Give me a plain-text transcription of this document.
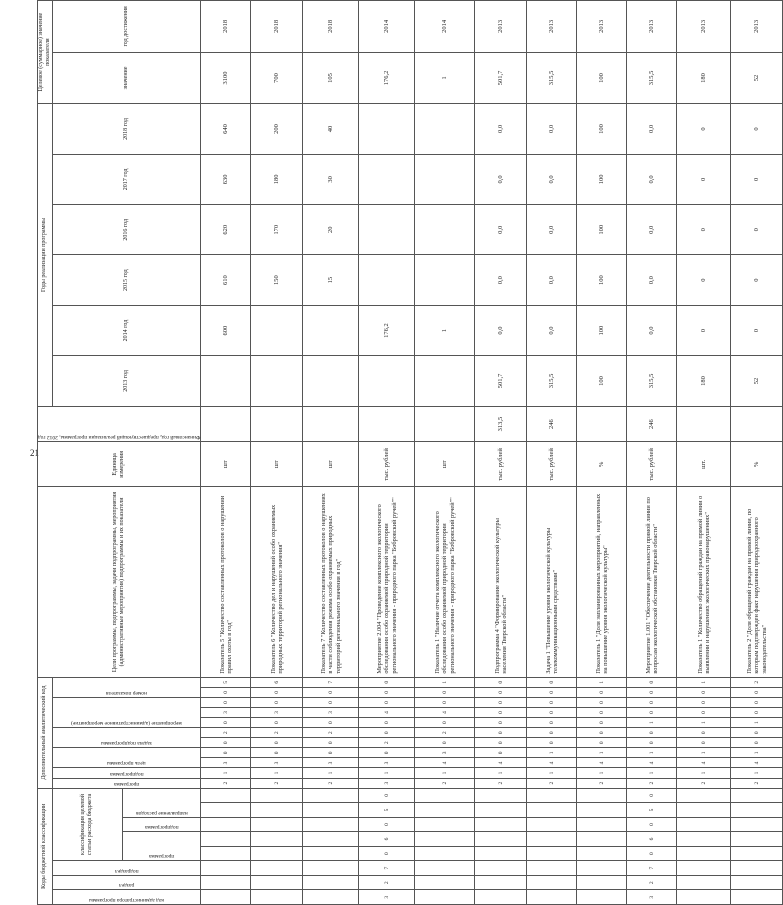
21
Коды бюджетной классификации								Дополнительный аналитический код											Цели программы, подпрограммы, задачи подпрограммы, мероприятия (административные мероприятия) подпрограммы и их показатели	Единица измерения	Финансовый год, предшествующий реализации программы, 2012 год	Годы реализации программы						Целевое (суммарное) значение показателя	

код администратора программы	раздел	подраздел	классификация целевой статьи расхода бюджета					программа	подпрограмма	цель программы		задача подпрограммы		мероприятие (административное мероприятие)			номер показателя					2013 год	2014 год	2015 год	2016 год	2017 год	2018 год	значение	год достижения

			программа		подпрограмма	направление расходов																							

								2	1	3	0	0	2	0	3	0	0	5	Показатель 5 "Количество составленных протоколов о нарушении правил охоты в год"	шт			600	610	620	630	640	3100	2018
								2	1	3	0	0	2	0	3	0	0	6	Показатель 6 "Количество дел и нарушений особо охраняемых природных территорий регионального значения"	шт				150	170	180	200	700	2018
								2	1	3	0	0	2	0	3	0	0	7	Показатель 7 "Количество составленных протоколов о нарушениях в части соблюдения режима особо охраняемых природных территорий регионального значения в год"	шт				15	20	30	40	105	2018
3	2	7	0	6	0	5	0	3	1	3	0	2	0	0	4	0	0	0	Мероприятие 2.004 "Проведение комплексного экологического обследования особо охраняемой природной территории регионального значения - природного парка "Бобровский ручей""	тыс. рублей			176,2					176,2	2014
								2	1	4	3	0	2	0	4	0	0	1	Показатель 1 "Наличие отчета комплексного экологического обследования особо охраняемой природной территории регионального значения - природного парка "Бобровский ручей""	шт			1					1	2014
								2	1	4	0	0	0	0	0	0	0	0	Подпрограмма 4 "Формирование экологической культуры населения Тверской области"	тыс. рублей	313,5	501,7	0,0	0,0	0,0	0,0	0,0	501,7	2013
								2	1	4	1	0	0	0	0	0	0	0	Задача 1 "Повышение уровня экологической культуры телекоммуникационными средствами"	тыс. рублей	246	315,5	0,0	0,0	0,0	0,0	0,0	315,5	2013
								2	1	4	1	0	0	0	0	0	0	1	Показатель 1 "Доля запланированных мероприятий, направленных на повышение уровня экологической культуры"	%		100	100	100	100	100	100	100	2013
3	2	7	0	6	0	5	0	2	1	4	1	0	0	1	0	0	0	0	Мероприятие 1.001 "Обеспечение деятельности прямой линии по вопросам экологической обстановки Тверской области"	тыс. рублей	246	315,5	0,0	0,0	0,0	0,0	0,0	315,5	2013
								2	1	4	1	0	0	1	0	0	0	1	Показатель 1 "Количество обращений граждан на прямой линии о выявлении и нарушениях экологических правонарушениях"	шт.		180	0	0	0	0	0	180	2013
								2	1	4	1	0	0	1	0	0	0	2	Показатель 2 "Доля обращений граждан на прямой линии, по которым подтвержден факт нарушения природоохранного законодательства"	%		52	0	0	0	0	0	52	2013
